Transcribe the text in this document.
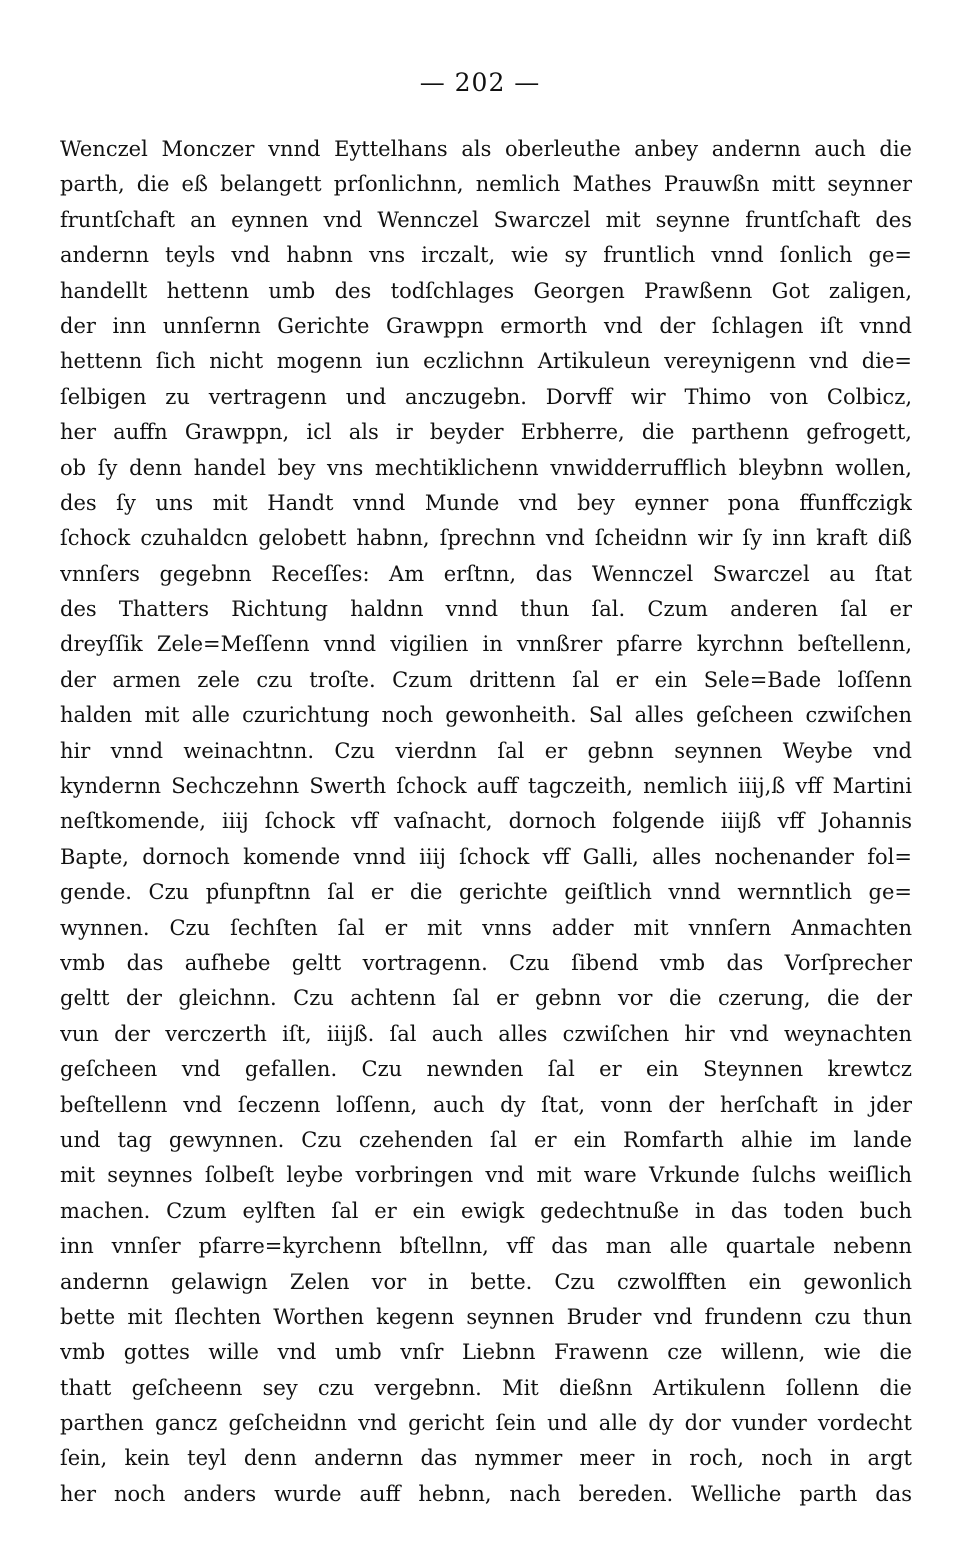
— 202 —
Wenczel Monczer vnnd Eyttelhans als oberleuthe anbey andernn auch die
parth, die eß belangett prſonlichnn, nemlich Mathes Prauwßn mitt seynner
fruntſchaft an eynnen vnd Wennczel Swarczel mit seynne fruntſchaft des
andernn teyls vnd habnn vns irczalt, wie sy fruntlich vnnd ſonlich ge=
handellt hettenn umb des todſchlages Georgen Prawßenn Got zaligen,
der inn unnſernn Gerichte Grawppn ermorth vnd der ſchlagen iſt vnnd
hettenn ſich nicht mogenn iun eczlichnn Artikuleun vereynigenn vnd die=
ſelbigen zu vertragenn und anczugebn. Dorvff wir Thimo von Colbicz,
her auffn Grawppn, icl als ir beyder Erbherre, die parthenn gefrogett,
ob ſy denn handel bey vns mechtiklichenn vnwidderrufflich bleybnn wollen,
des ſy uns mit Handt vnnd Munde vnd bey eynner pona ffunffczigk
ſchock czuhaldcn gelobett habnn, ſprechnn vnd ſcheidnn wir ſy inn kraft diß
vnnſers gegebnn Receſſes: Am erſtnn, das Wennczel Swarczel au ſtat
des Thatters Richtung haldnn vnnd thun ſal. Czum anderen ſal er
dreyſſik Zele=Meſſenn vnnd vigilien in vnnßrer pfarre kyrchnn beſtellenn,
der armen zele czu troſte. Czum drittenn ſal er ein Sele=Bade loſſenn
halden mit alle czurichtung noch gewonheith. Sal alles geſcheen czwiſchen
hir vnnd weinachtnn. Czu vierdnn ſal er gebnn seynnen Weybe vnd
kyndernn Sechczehnn Swerth ſchock auff tagczeith, nemlich iiij,ß vff Martini
neſtkomende, iiij ſchock vff vaſnacht, dornoch folgende iiijß vff Johannis
Bapte, dornoch komende vnnd iiij ſchock vff Galli, alles nochenander fol=
gende. Czu pfunpftnn ſal er die gerichte geiſtlich vnnd wernntlich ge=
wynnen. Czu ſechſten ſal er mit vnns adder mit vnnſern Anmachten
vmb das aufhebe geltt vortragenn. Czu ſibend vmb das Vorſprecher
geltt der gleichnn. Czu achtenn ſal er gebnn vor die czerung, die der
vun der verczerth iſt, iiijß. ſal auch alles czwiſchen hir vnd weynachten
geſcheen vnd gefallen. Czu newnden ſal er ein Steynnen krewtcz
beſtellenn vnd ſeczenn loſſenn, auch dy ſtat, vonn der herſchaft in jder
und tag gewynnen. Czu czehenden ſal er ein Romfarth alhie im lande
mit seynnes ſolbeſt leybe vorbringen vnd mit ware Vrkunde ſulchs weiſlich
machen. Czum eylften ſal er ein ewigk gedechtnuße in das toden buch
inn vnnſer pfarre=kyrchenn bſtellnn, vff das man alle quartale nebenn
andernn gelawign Zelen vor in bette. Czu czwolfften ein gewonlich
bette mit ſlechten Worthen kegenn seynnen Bruder vnd frundenn czu thun
vmb gottes wille vnd umb vnſr Liebnn Frawenn cze willenn, wie die
thatt geſcheenn sey czu vergebnn. Mit dießnn Artikulenn ſollenn die
parthen gancz geſcheidnn vnd gericht ſein und alle dy dor vunder vordecht
ſein, kein teyl denn andernn das nymmer meer in roch, noch in argt
her noch anders wurde auff hebnn, nach bereden. Welliche parth das
